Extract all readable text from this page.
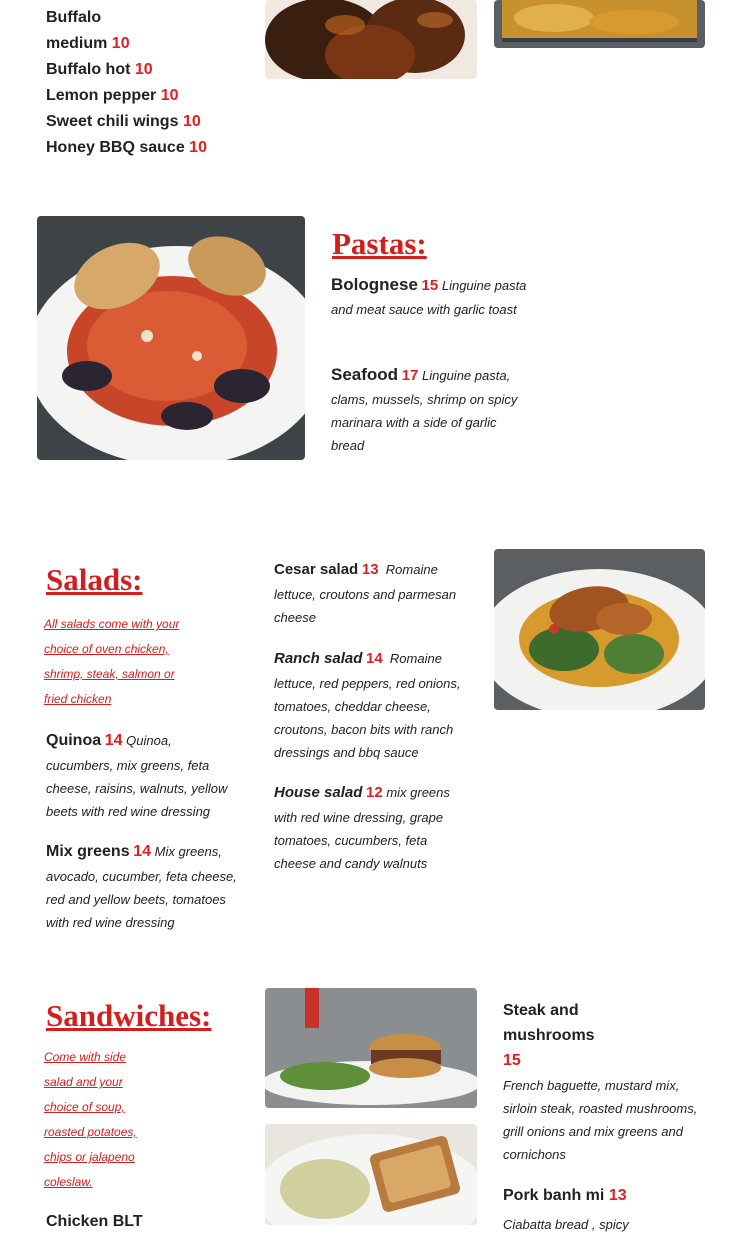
Buffalo
medium 10
Buffalo hot 10
Lemon pepper 10
Sweet chili wings 10
Honey BBQ sauce 10
Pastas:

Bolognese 15 Linguine pasta and meat sauce with garlic toast

Seafood 17 Linguine pasta, clams, mussels, shrimp on spicy marinara with a side of garlic bread

Salads:
All salads come with your choice of oven chicken, shrimp, steak, salmon or fried chicken

Quinoa 14 Quinoa, cucumbers, mix greens, feta cheese, raisins, walnuts, yellow beets with red wine dressing

Mix greens 14 Mix greens, avocado, cucumber, feta cheese, red and yellow beets, tomatoes with red wine dressing

Cesar salad 13 Romaine lettuce, croutons and parmesan cheese

Ranch salad 14 Romaine lettuce, red peppers, red onions, tomatoes, cheddar cheese, croutons, bacon bits with ranch dressings and bbq sauce

House salad 12 mix greens with red wine dressing, grape tomatoes, cucumbers, feta cheese and candy walnuts

Sandwiches:
Come with side salad and your choice of soup, roasted potatoes, chips or jalapeno coleslaw.
Chicken BLT
Steak and mushrooms
15

French baguette, mustard mix, sirloin steak, roasted mushrooms, grill onions and mix greens and cornichons

Pork banh mi 13

Ciabatta bread , spicy
